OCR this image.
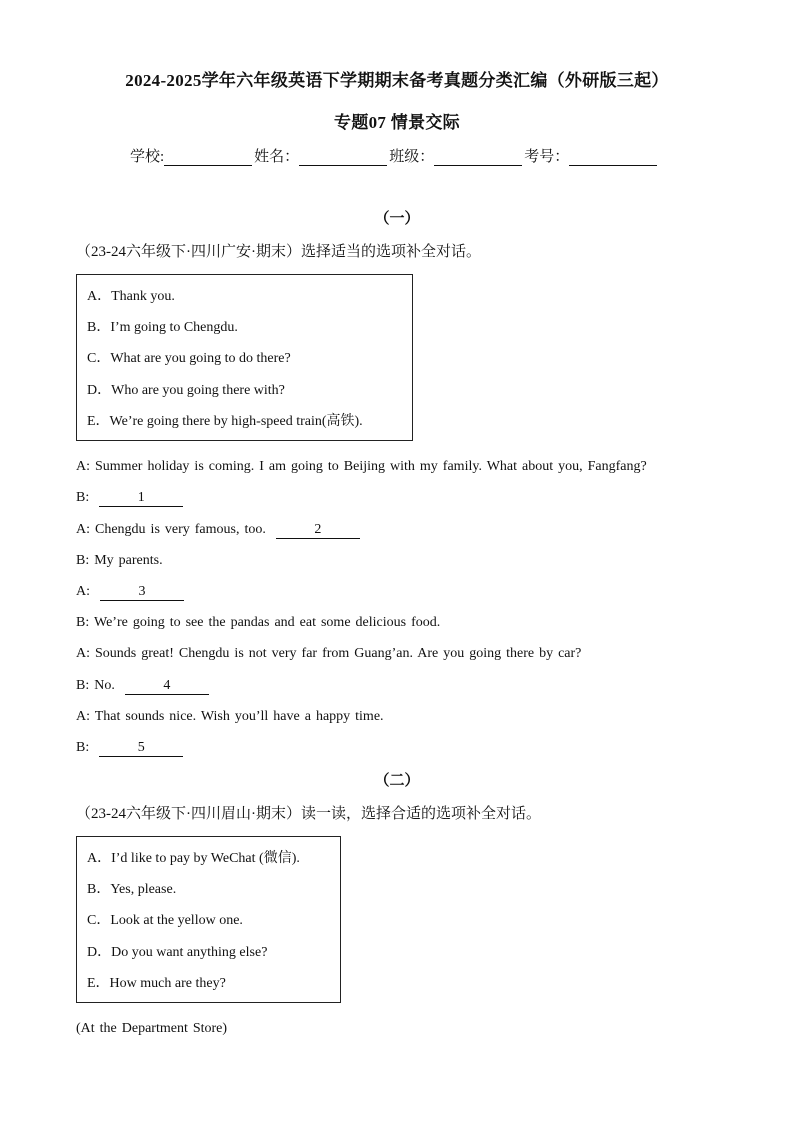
2024-2025学年六年级英语下学期期末备考真题分类汇编（外研版三起）
专题07 情景交际
学校:	姓名：	班级：	考号：
（一）
（23-24六年级下·四川广安·期末）选择适当的选项补全对话。
A．Thank you.
B．I’m going to Chengdu.
C．What are you going to do there?
D．Who are you going there with?
E．We’re going there by high-speed train(高铁).
A: Summer holiday is coming. I am going to Beijing with my family. What about you, Fangfang?
B:	1
A: Chengdu is very famous, too.	2
B: My parents.
A:	3
B: We’re going to see the pandas and eat some delicious food.
A: Sounds great! Chengdu is not very far from Guang’an. Are you going there by car?
B: No.	4
A: That sounds nice. Wish you’ll have a happy time.
B:	5
（二）
（23-24六年级下·四川眉山·期末）读一读，选择合适的选项补全对话。
A．I’d like to pay by WeChat (微信).
B．Yes, please.
C．Look at the yellow one.
D．Do you want anything else?
E．How much are they?
(At the Department Store)
